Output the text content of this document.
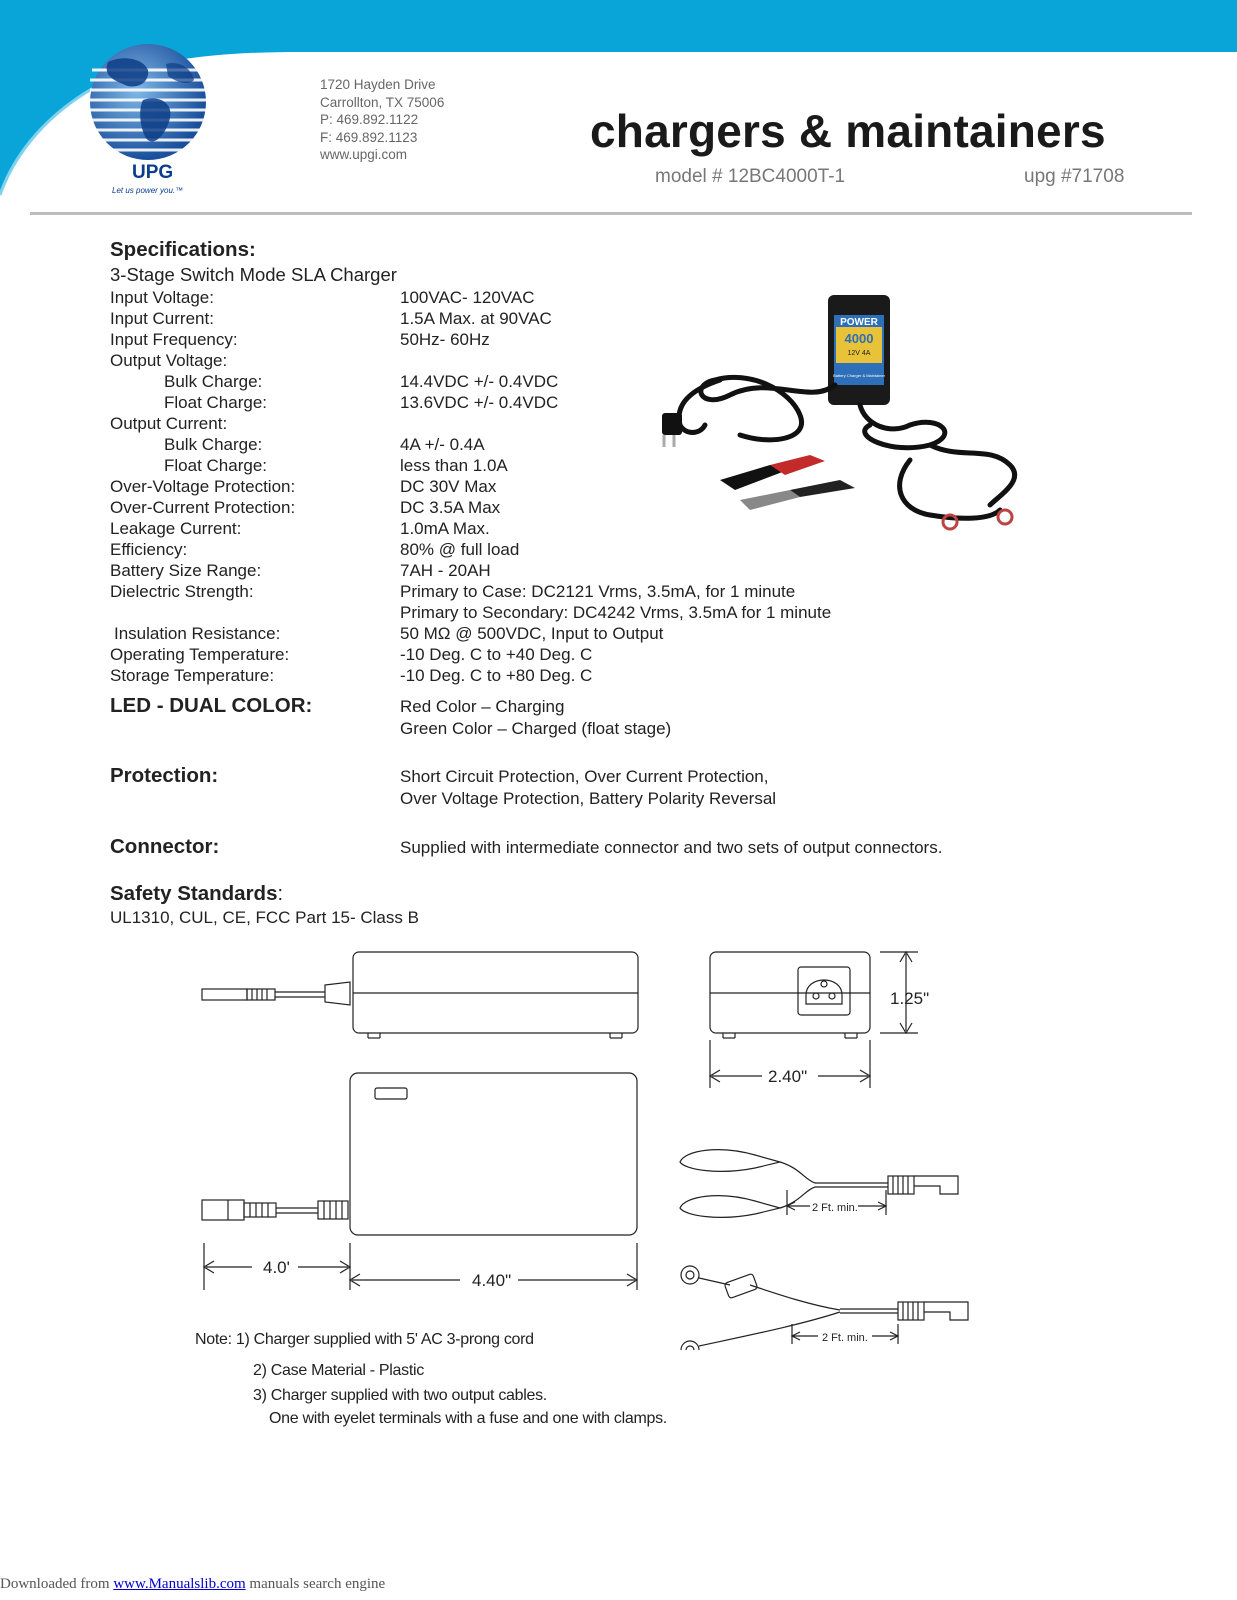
UPG
Let us power you.™
1720 Hayden Drive
Carrollton, TX 75006
P: 469.892.1122
F: 469.892.1123
www.upgi.com	chargers & maintainers
model # 12BC4000T-1	upg #71708
Specifications:
3-Stage Switch Mode SLA Charger
Input Voltage:	100VAC- 120VAC
Input Current:	1.5A Max. at 90VAC
Input Frequency:	50Hz- 60Hz
Output Voltage:
Bulk Charge:	14.4VDC +/- 0.4VDC
Float Charge:	13.6VDC +/- 0.4VDC
Output Current:
Bulk Charge:	4A +/- 0.4A
Float Charge:	less than 1.0A
Over-Voltage Protection:	DC 30V Max
Over-Current Protection:	DC 3.5A Max
Leakage Current:	1.0mA Max.
Efficiency:	80% @ full load
Battery Size Range:	7AH - 20AH
Dielectric Strength:	Primary to Case: DC2121 Vrms, 3.5mA, for 1 minute
Primary to Secondary: DC4242 Vrms, 3.5mA for 1 minute
Insulation Resistance:	50 MΩ @ 500VDC, Input to Output
Operating Temperature:	-10 Deg. C to +40 Deg. C
Storage Temperature:	-10 Deg. C to +80 Deg. C
POWER
4000
12V 4A
Battery Charger & Maintainer
LED - DUAL COLOR:	Red Color – Charging
Green Color – Charged (float stage)
Protection:	Short Circuit Protection, Over Current Protection,
Over Voltage Protection, Battery Polarity Reversal
Connector:	Supplied with intermediate connector and two sets of output connectors.
Safety Standards:
UL1310, CUL, CE, FCC Part 15- Class B
1.25"
2.40"
4.0'
4.40"
2 Ft. min.
2 Ft. min.
Note: 1) Charger supplied with 5' AC 3-prong cord
2) Case Material - Plastic
3) Charger supplied with two output cables.
One with eyelet terminals with a fuse and one with clamps.
Downloaded from www.Manualslib.com manuals search engine
